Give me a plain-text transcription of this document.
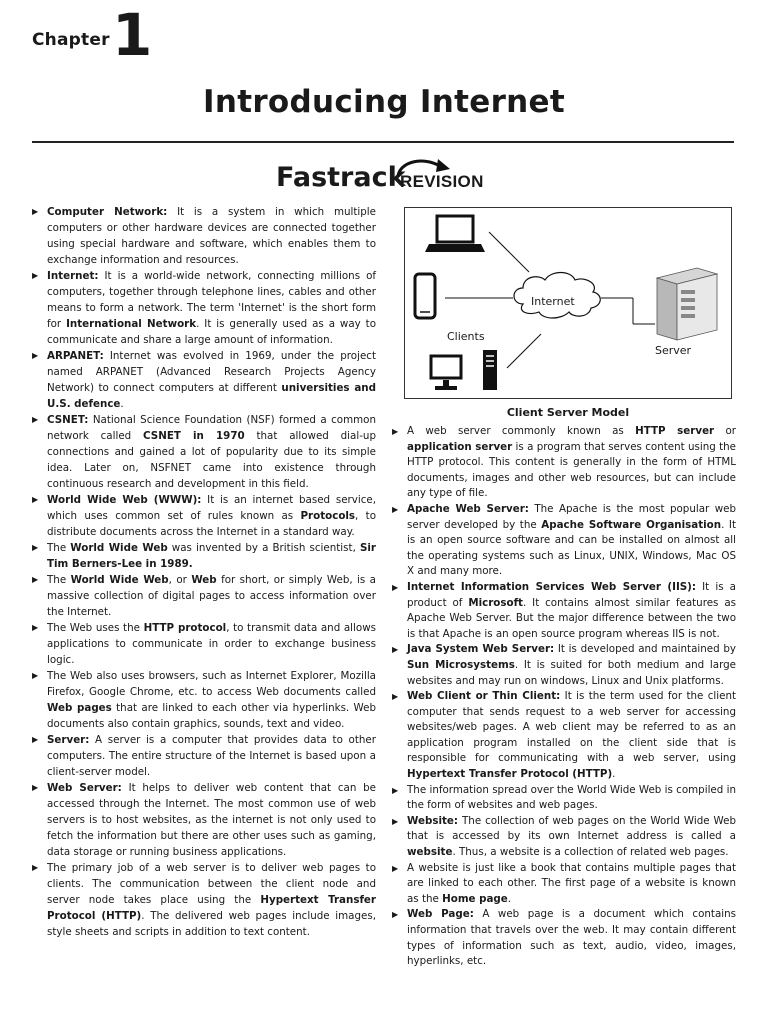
Chapter 1
Introducing Internet
Fastrack
REVISION
▶ Computer Network: It is a system in which multiple computers or other hardware devices are connected together using special hardware and software, which enables them to exchange information and resources.
▶ Internet: It is a world-wide network, connecting millions of computers, together through telephone lines, cables and other means to form a network. The term 'Internet' is the short form for International Network. It is generally used as a way to communicate and share a large amount of information.
▶ ARPANET: Internet was evolved in 1969, under the project named ARPANET (Advanced Research Projects Agency Network) to connect computers at different universities and U.S. defence.
▶ CSNET: National Science Foundation (NSF) formed a common network called CSNET in 1970 that allowed dial-up connections and gained a lot of popularity due to its simple idea. Later on, NSFNET came into existence through continuous research and development in this field.
▶ World Wide Web (WWW): It is an internet based service, which uses common set of rules known as Protocols, to distribute documents across the Internet in a standard way.
▶ The World Wide Web was invented by a British scientist, Sir Tim Berners-Lee in 1989.
▶ The World Wide Web, or Web for short, or simply Web, is a massive collection of digital pages to access information over the Internet.
▶ The Web uses the HTTP protocol, to transmit data and allows applications to communicate in order to exchange business logic.
▶ The Web also uses browsers, such as Internet Explorer, Mozilla Firefox, Google Chrome, etc. to access Web documents called Web pages that are linked to each other via hyperlinks. Web documents also contain graphics, sounds, text and video.
▶ Server: A server is a computer that provides data to other computers. The entire structure of the Internet is based upon a client-server model.
▶ Web Server: It helps to deliver web content that can be accessed through the Internet. The most common use of web servers is to host websites, as the internet is not only used to fetch the information but there are other uses such as gaming, data storage or running business applications.
▶ The primary job of a web server is to deliver web pages to clients. The communication between the client node and server node takes place using the Hypertext Transfer Protocol (HTTP). The delivered web pages include images, style sheets and scripts in addition to text content.
Internet
Clients
Server
Client Server Model
▶ A web server commonly known as HTTP server or application server is a program that serves content using the HTTP protocol. This content is generally in the form of HTML documents, images and other web resources, but can include any type of file.
▶ Apache Web Server: The Apache is the most popular web server developed by the Apache Software Organisation. It is an open source software and can be installed on almost all the operating systems such as Linux, UNIX, Windows, Mac OS X and many more.
▶ Internet Information Services Web Server (IIS): It is a product of Microsoft. It contains almost similar features as Apache Web Server. But the major difference between the two is that Apache is an open source program whereas IIS is not.
▶ Java System Web Server: It is developed and maintained by Sun Microsystems. It is suited for both medium and large websites and may run on windows, Linux and Unix platforms.
▶ Web Client or Thin Client: It is the term used for the client computer that sends request to a web server for accessing websites/web pages. A web client may be referred to as an application program installed on the client side that is responsible for communicating with a web server, using Hypertext Transfer Protocol (HTTP).
▶ The information spread over the World Wide Web is compiled in the form of websites and web pages.
▶ Website: The collection of web pages on the World Wide Web that is accessed by its own Internet address is called a website. Thus, a website is a collection of related web pages.
▶ A website is just like a book that contains multiple pages that are linked to each other. The first page of a website is known as the Home page.
▶ Web Page: A web page is a document which contains information that travels over the web. It may contain different types of information such as text, audio, video, images, hyperlinks, etc.
